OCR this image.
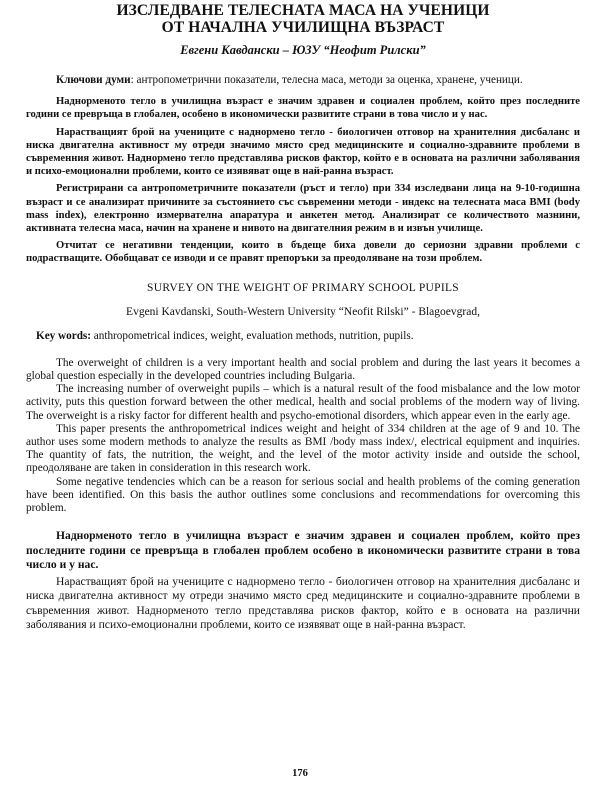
ИЗСЛЕДВАНЕ ТЕЛЕСНАТА МАСА НА УЧЕНИЦИ
ОТ НАЧАЛНА УЧИЛИЩНА ВЪЗРАСТ
Евгени Кавдански – ЮЗУ “Неофит Рилски”

Ключови думи: антропометрични показатели, телесна маса, методи за оценка, хранене, ученици.

Наднорменото тегло в училищна възраст е значим здравен и социален проблем, който през последните години се превръща в глобален, особено в икономически развитите страни в това число и у нас.

Нарастващият брой на учениците с наднормено тегло - биологичен отговор на хранителния дисбаланс и ниска двигателна активност му отреди значимо място сред медицинските и социално-здравните проблеми в съвременния живот. Наднормено тегло представлява рисков фактор, който е в основата на различни заболявания и психо-емоционални проблеми, които се изявяват още в най-ранна възраст.

Регистрирани са антропометричните показатели (ръст и тегло) при 334 изследвани лица на 9-10-годишна възраст и се анализират причините за състоянието със съвременни методи - индекс на телесната маса BMI (body mass index), електронно измервателна апаратура и анкетен метод. Анализират се количеството мазнини, активната телесна маса, начин на хранене и нивото на двигателния режим в и извън училище.

Отчитат се негативни тенденции, които в бъдеще биха довели до сериозни здравни проблеми с подрастващите. Обобщават се изводи и се правят препоръки за преодоляване на този проблем.

SURVEY ON THE WEIGHT OF PRIMARY SCHOOL PUPILS
Evgeni Kavdanski, South-Western University “Neofit Rilski” - Blagoevgrad,

Key words: anthropometrical indices, weight, evaluation methods, nutrition, pupils.

The overweight of children is a very important health and social problem and during the last years it becomes a global question especially in the developed countries including Bulgaria.

The increasing number of overweight pupils – which is a natural result of the food misbalance and the low motor activity, puts this question forward between the other medical, health and social problems of the modern way of living. The overweight is a risky factor for different health and psycho-emotional disorders, which appear even in the early age.

This paper presents the anthropometrical indices weight and height of 334 children at the age of 9 and 10. The author uses some modern methods to analyze the results as BMI /body mass index/, electrical equipment and inquiries. The quantity of fats, the nutrition, the weight, and the level of the motor activity inside and outside the school, преодоляване are taken in consideration in this research work.

Some negative tendencies which can be a reason for serious social and health problems of the coming generation have been identified. On this basis the author outlines some conclusions and recommendations for overcoming this problem.

Наднорменото тегло в училищна възраст е значим здравен и социален проблем, който през последните години се превръща в глобален проблем особено в икономически развитите страни в това число и у нас.

Нарастващият брой на учениците с наднормено тегло - биологичен отговор на хранителния дисбаланс и ниска двигателна активност му отреди значимо място сред медицинските и социално-здравните проблеми в съвременния живот. Наднорменото тегло представлява рисков фактор, който е в основата на различни заболявания и психо-емоционални проблеми, които се изявяват още в най-ранна възраст.

176
